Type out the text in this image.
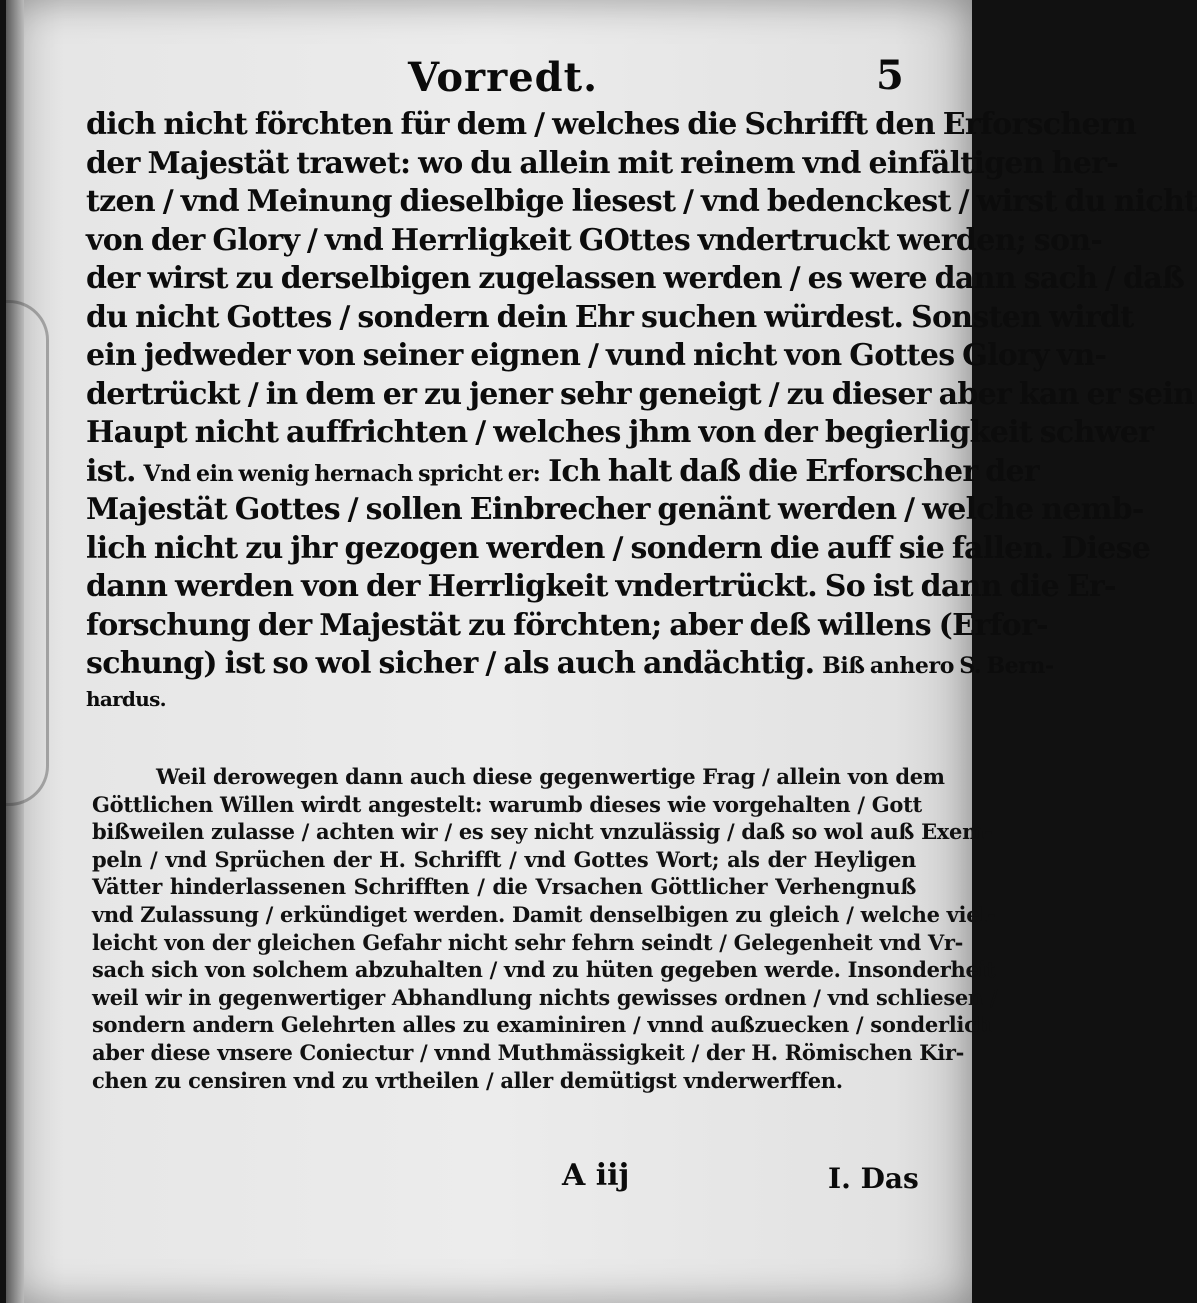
Vorredt.	5
dich nicht förchten für dem / welches die Schrifft den Erforschern
der Majestät trawet: wo du allein mit reinem vnd einfältigen her-
tzen / vnd Meinung dieselbige liesest / vnd bedenckest / wirst du nicht
von der Glory / vnd Herrligkeit GOttes vndertruckt werden; son-
der wirst zu derselbigen zugelassen werden / es were dann sach / daß
du nicht Gottes / sondern dein Ehr suchen würdest. Sonsten wirdt
ein jedweder von seiner eignen / vund nicht von Gottes Glory vn-
dertrückt / in dem er zu jener sehr geneigt / zu dieser aber kan er sein
Haupt nicht auffrichten / welches jhm von der begierligkeit schwer
ist. Vnd ein wenig hernach spricht er: Ich halt daß die Erforscher der
Majestät Gottes / sollen Einbrecher genänt werden / welche nemb-
lich nicht zu jhr gezogen werden / sondern die auff sie fallen. Diese
dann werden von der Herrligkeit vndertrückt. So ist dann die Er-
forschung der Majestät zu förchten; aber deß willens (Erfor-
schung) ist so wol sicher / als auch andächtig. Biß anhero S. Bern-
hardus.
Weil derowegen dann auch diese gegenwertige Frag / allein von dem
Göttlichen Willen wirdt angestelt: warumb dieses wie vorgehalten / Gott
bißweilen zulasse / achten wir / es sey nicht vnzulässig / daß so wol auß Exem-
peln / vnd Sprüchen der H. Schrifft / vnd Gottes Wort; als der Heyligen
Vätter hinderlassenen Schrifften / die Vrsachen Göttlicher Verhengnuß
vnd Zulassung / erkündiget werden. Damit denselbigen zu gleich / welche viel-
leicht von der gleichen Gefahr nicht sehr fehrn seindt / Gelegenheit vnd Vr-
sach sich von solchem abzuhalten / vnd zu hüten gegeben werde. Insonderheit
weil wir in gegenwertiger Abhandlung nichts gewisses ordnen / vnd schliesen /
sondern andern Gelehrten alles zu examiniren / vnnd außzuecken / sonderlich
aber diese vnsere Coniectur / vnnd Muthmässigkeit / der H. Römischen Kir-
chen zu censiren vnd zu vrtheilen / aller demütigst vnderwerffen.
A iij	I. Das
